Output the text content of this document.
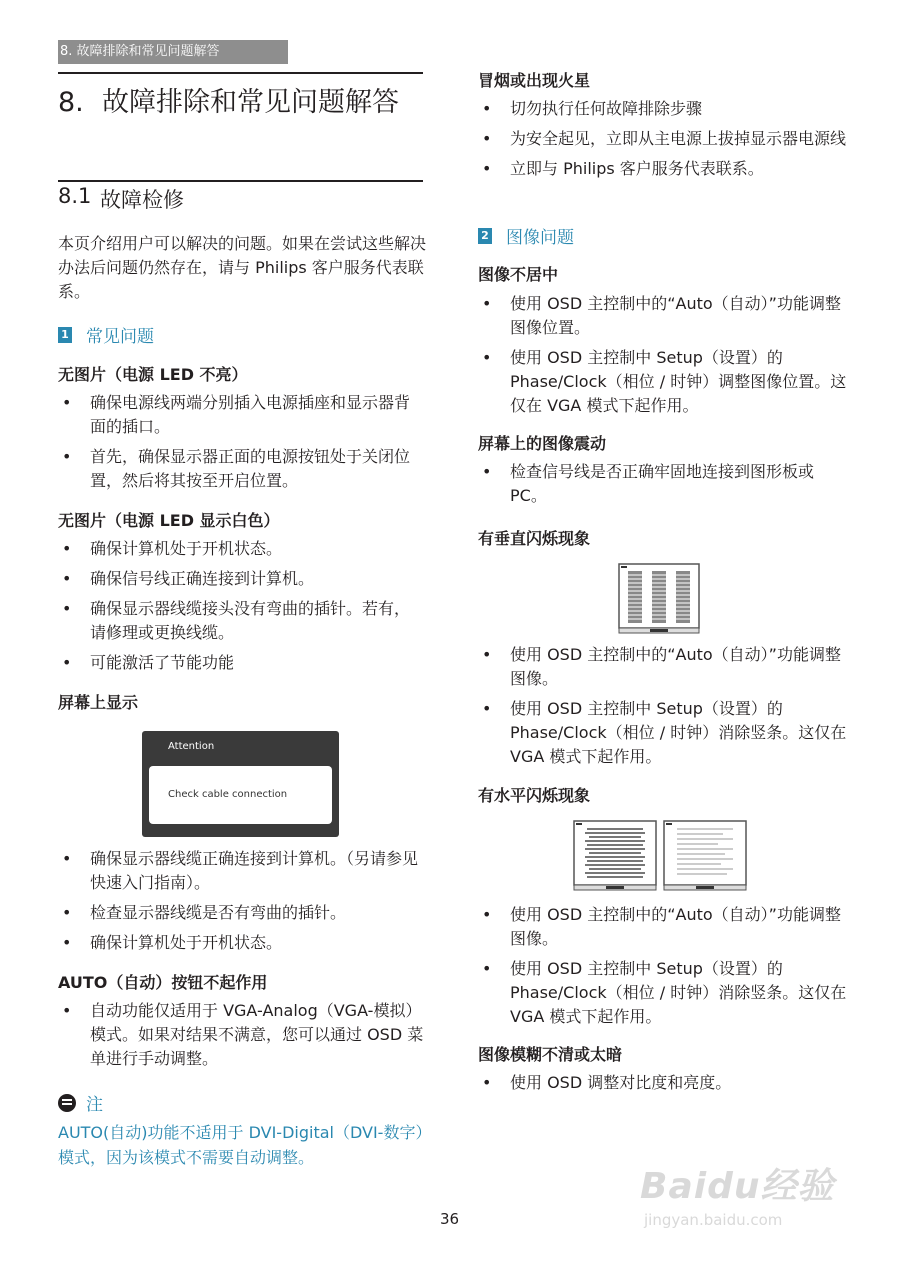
8. 故障排除和常见问题解答
8. 故障排除和常见问题解答
8.1 故障检修
本页介绍用户可以解决的问题。如果在尝试这些解决办法后问题仍然存在，请与 Philips 客户服务代表联系。
1 常见问题
无图片（电源 LED 不亮）
• 确保电源线两端分别插入电源插座和显示器背面的插口。
• 首先，确保显示器正面的电源按钮处于关闭位置，然后将其按至开启位置。
无图片（电源 LED 显示白色）
• 确保计算机处于开机状态。
• 确保信号线正确连接到计算机。
• 确保显示器线缆接头没有弯曲的插针。若有，请修理或更换线缆。
• 可能激活了节能功能
屏幕上显示
Attention
Check cable connection
• 确保显示器线缆正确连接到计算机。（另请参见快速入门指南）。
• 检查显示器线缆是否有弯曲的插针。
• 确保计算机处于开机状态。
AUTO（自动）按钮不起作用
• 自动功能仅适用于 VGA-Analog（VGA-模拟）模式。如果对结果不满意，您可以通过 OSD 菜单进行手动调整。
注
AUTO(自动)功能不适用于 DVI-Digital（DVI-数字）模式，因为该模式不需要自动调整。
冒烟或出现火星
• 切勿执行任何故障排除步骤
• 为安全起见，立即从主电源上拔掉显示器电源线
• 立即与 Philips 客户服务代表联系。
2 图像问题
图像不居中
• 使用 OSD 主控制中的“Auto（自动）”功能调整图像位置。
• 使用 OSD 主控制中 Setup（设置）的 Phase/Clock（相位 / 时钟）调整图像位置。这仅在 VGA 模式下起作用。
屏幕上的图像震动
• 检查信号线是否正确牢固地连接到图形板或 PC。
有垂直闪烁现象
• 使用 OSD 主控制中的“Auto（自动）”功能调整图像。
• 使用 OSD 主控制中 Setup（设置）的 Phase/Clock（相位 / 时钟）消除竖条。这仅在 VGA 模式下起作用。
有水平闪烁现象
• 使用 OSD 主控制中的“Auto（自动）”功能调整图像。
• 使用 OSD 主控制中 Setup（设置）的 Phase/Clock（相位 / 时钟）消除竖条。这仅在 VGA 模式下起作用。
图像模糊不清或太暗
• 使用 OSD 调整对比度和亮度。
36
Baidu经验
jingyan.baidu.com
